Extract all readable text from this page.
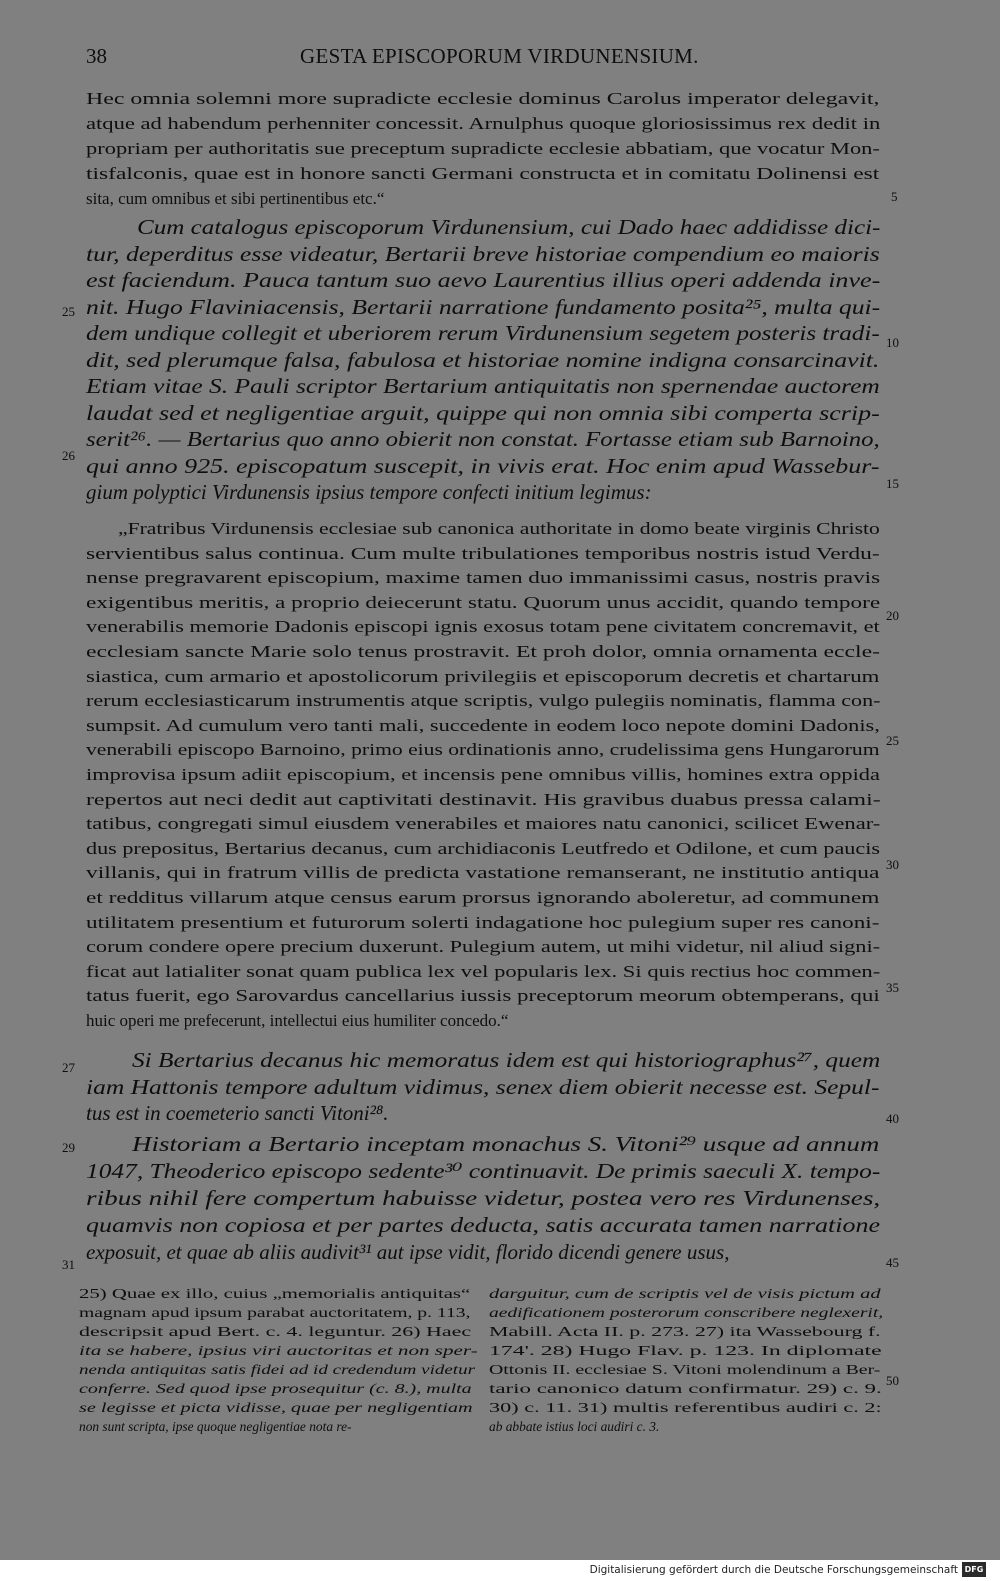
38	GESTA EPISCOPORUM VIRDUNENSIUM.
Hec omnia solemni more supradicte ecclesie dominus Carolus imperator delegavit,
atque ad habendum perhenniter concessit. Arnulphus quoque gloriosissimus rex dedit in
propriam per authoritatis sue preceptum supradicte ecclesie abbatiam, que vocatur Mon-
tisfalconis, quae est in honore sancti Germani constructa et in comitatu Dolinensi est
sita, cum omnibus et sibi pertinentibus etc.“
Cum catalogus episcoporum Virdunensium, cui Dado haec addidisse dici-
tur, deperditus esse videatur, Bertarii breve historiae compendium eo maioris
est faciendum. Pauca tantum suo aevo Laurentius illius operi addenda inve-
nit. Hugo Flaviniacensis, Bertarii narratione fundamento posita²⁵, multa qui-
dem undique collegit et uberiorem rerum Virdunensium segetem posteris tradi-
dit, sed plerumque falsa, fabulosa et historiae nomine indigna consarcinavit.
Etiam vitae S. Pauli scriptor Bertarium antiquitatis non spernendae auctorem
laudat sed et negligentiae arguit, quippe qui non omnia sibi comperta scrip-
serit²⁶. — Bertarius quo anno obierit non constat. Fortasse etiam sub Barnoino,
qui anno 925. episcopatum suscepit, in vivis erat. Hoc enim apud Wassebur-
gium polyptici Virdunensis ipsius tempore confecti initium legimus:
„Fratribus Virdunensis ecclesiae sub canonica authoritate in domo beate virginis Christo
servientibus salus continua. Cum multe tribulationes temporibus nostris istud Verdu-
nense pregravarent episcopium, maxime tamen duo immanissimi casus, nostris pravis
exigentibus meritis, a proprio deiecerunt statu. Quorum unus accidit, quando tempore
venerabilis memorie Dadonis episcopi ignis exosus totam pene civitatem concremavit, et
ecclesiam sancte Marie solo tenus prostravit. Et proh dolor, omnia ornamenta eccle-
siastica, cum armario et apostolicorum privilegiis et episcoporum decretis et chartarum
rerum ecclesiasticarum instrumentis atque scriptis, vulgo pulegiis nominatis, flamma con-
sumpsit. Ad cumulum vero tanti mali, succedente in eodem loco nepote domini Dadonis,
venerabili episcopo Barnoino, primo eius ordinationis anno, crudelissima gens Hungarorum
improvisa ipsum adiit episcopium, et incensis pene omnibus villis, homines extra oppida
repertos aut neci dedit aut captivitati destinavit. His gravibus duabus pressa calami-
tatibus, congregati simul eiusdem venerabiles et maiores natu canonici, scilicet Ewenar-
dus prepositus, Bertarius decanus, cum archidiaconis Leutfredo et Odilone, et cum paucis
villanis, qui in fratrum villis de predicta vastatione remanserant, ne institutio antiqua
et redditus villarum atque census earum prorsus ignorando aboleretur, ad communem
utilitatem presentium et futurorum solerti indagatione hoc pulegium super res canoni-
corum condere opere precium duxerunt. Pulegium autem, ut mihi videtur, nil aliud signi-
ficat aut latialiter sonat quam publica lex vel popularis lex. Si quis rectius hoc commen-
tatus fuerit, ego Sarovardus cancellarius iussis preceptorum meorum obtemperans, qui
huic operi me prefecerunt, intellectui eius humiliter concedo.“
Si Bertarius decanus hic memoratus idem est qui historiographus²⁷, quem
iam Hattonis tempore adultum vidimus, senex diem obierit necesse est. Sepul-
tus est in coemeterio sancti Vitoni²⁸.
Historiam a Bertario inceptam monachus S. Vitoni²⁹ usque ad annum
1047, Theoderico episcopo sedente³⁰ continuavit. De primis saeculi X. tempo-
ribus nihil fere compertum habuisse videtur, postea vero res Virdunenses,
quamvis non copiosa et per partes deducta, satis accurata tamen narratione
exposuit, et quae ab aliis audivit³¹ aut ipse vidit, florido dicendi genere usus,
25
26
27
29
31
5
10
15
20
25
30
35
40
45
50
25) Quae ex illo, cuius „memorialis antiquitas“
magnam apud ipsum parabat auctoritatem, p. 113,
descripsit apud Bert. c. 4. leguntur. 26) Haec
ita se habere, ipsius viri auctoritas et non sper-
nenda antiquitas satis fidei ad id credendum videtur
conferre. Sed quod ipse prosequitur (c. 8.), multa
se legisse et picta vidisse, quae per negligentiam
non sunt scripta, ipse quoque negligentiae nota re-
darguitur, cum de scriptis vel de visis pictum ad
aedificationem posterorum conscribere neglexerit,
Mabill. Acta II. p. 273. 27) ita Wassebourg f.
174'. 28) Hugo Flav. p. 123. In diplomate
Ottonis II. ecclesiae S. Vitoni molendinum a Ber-
tario canonico datum confirmatur. 29) c. 9.
30) c. 11. 31) multis referentibus audiri c. 2:
ab abbate istius loci audiri c. 3.
Digitalisierung gefördert durch die Deutsche Forschungsgemeinschaft DFG
